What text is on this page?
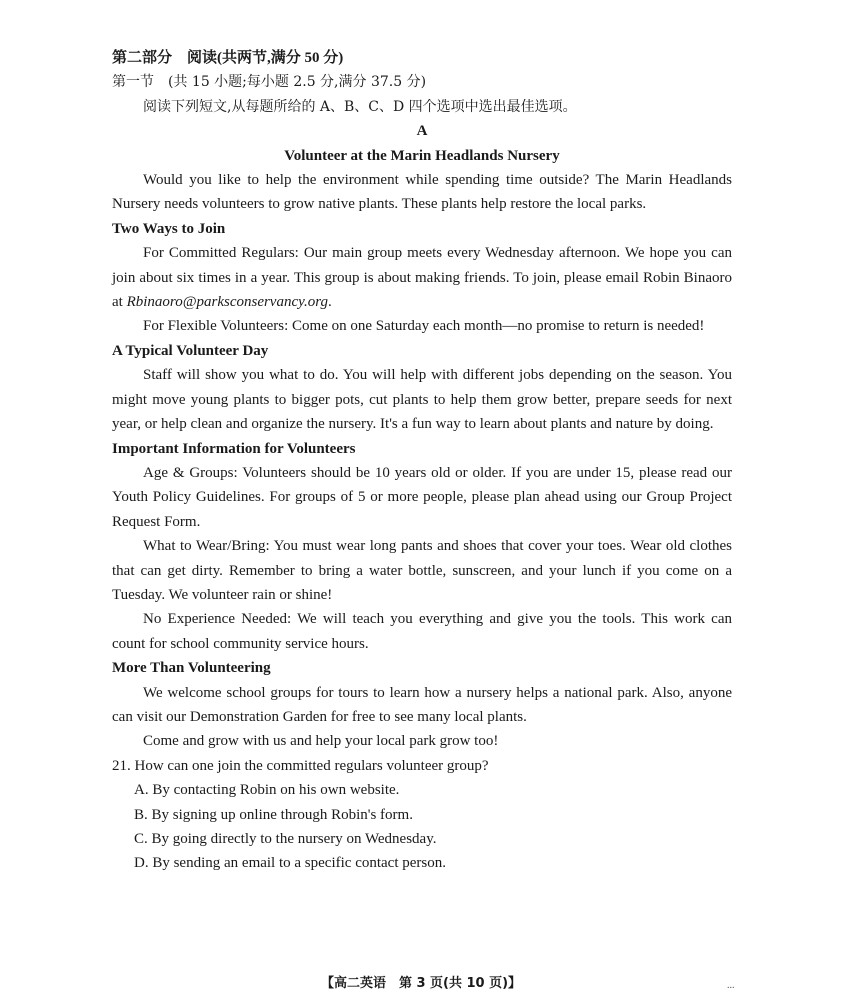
第二部分　阅读(共两节,满分 50 分)
第一节　(共 15 小题;每小题 2.5 分,满分 37.5 分)
阅读下列短文,从每题所给的 A、B、C、D 四个选项中选出最佳选项。
A
Volunteer at the Marin Headlands Nursery

Would you like to help the environment while spending time outside? The Marin Headlands Nursery needs volunteers to grow native plants. These plants help restore the local parks.

Two Ways to Join

For Committed Regulars: Our main group meets every Wednesday afternoon. We hope you can join about six times in a year. This group is about making friends. To join, please email Robin Binaoro at Rbinaoro@parksconservancy.org.

For Flexible Volunteers: Come on one Saturday each month—no promise to return is needed!

A Typical Volunteer Day

Staff will show you what to do. You will help with different jobs depending on the season. You might move young plants to bigger pots, cut plants to help them grow better, prepare seeds for next year, or help clean and organize the nursery. It's a fun way to learn about plants and nature by doing.

Important Information for Volunteers

Age & Groups: Volunteers should be 10 years old or older. If you are under 15, please read our Youth Policy Guidelines. For groups of 5 or more people, please plan ahead using our Group Project Request Form.

What to Wear/Bring: You must wear long pants and shoes that cover your toes. Wear old clothes that can get dirty. Remember to bring a water bottle, sunscreen, and your lunch if you come on a Tuesday. We volunteer rain or shine!

No Experience Needed: We will teach you everything and give you the tools. This work can count for school community service hours.

More Than Volunteering

We welcome school groups for tours to learn how a nursery helps a national park. Also, anyone can visit our Demonstration Garden for free to see many local plants.

Come and grow with us and help your local park grow too!

21. How can one join the committed regulars volunteer group?
A. By contacting Robin on his own website.
B. By signing up online through Robin's form.
C. By going directly to the nursery on Wednesday.
D. By sending an email to a specific contact person.
【高二英语　第 3 页(共 10 页)】	...
